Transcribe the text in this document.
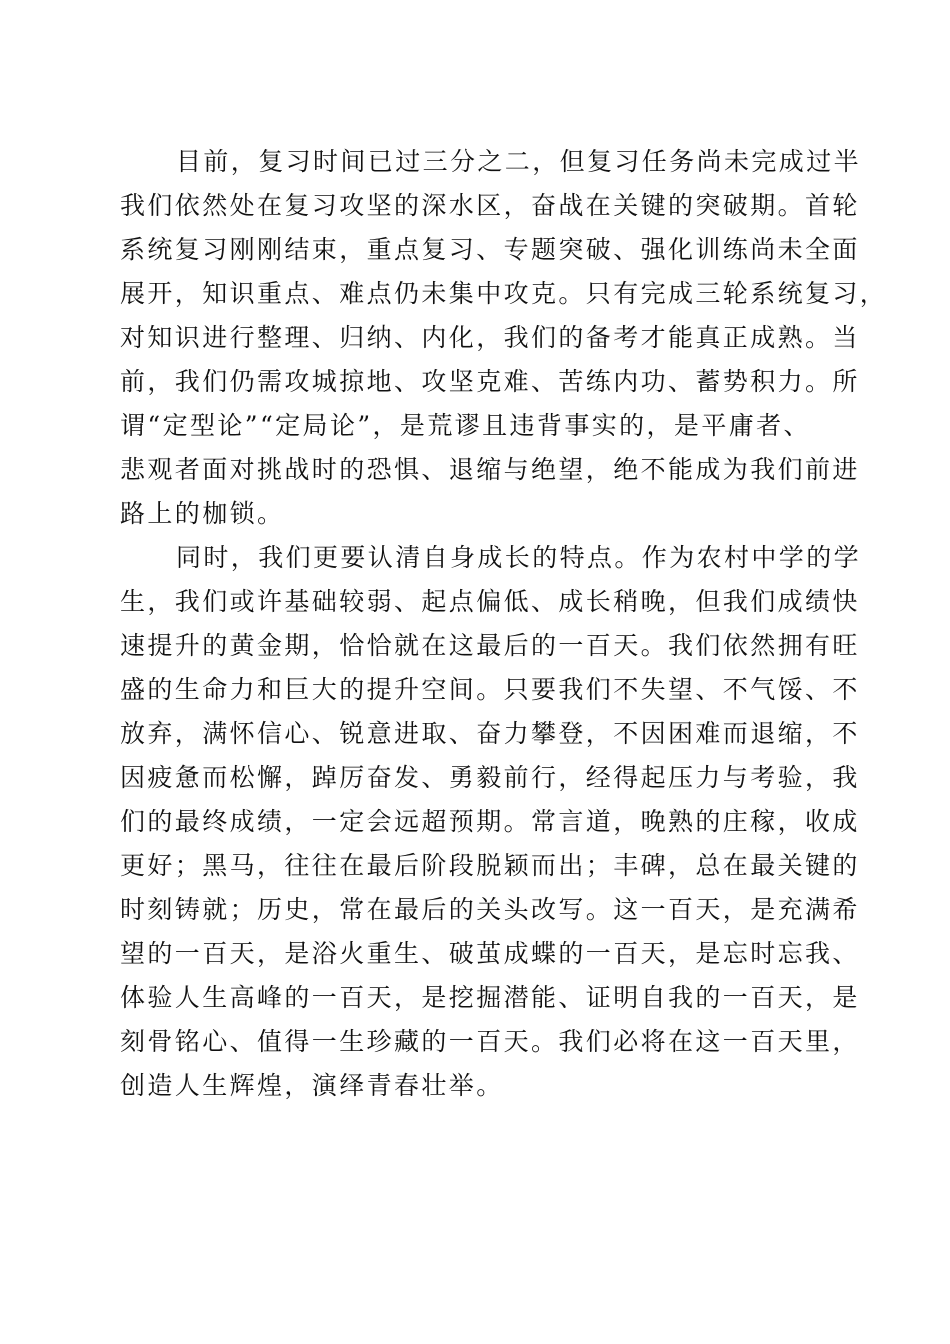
目前，复习时间已过三分之二，但复习任务尚未完成过半
我们依然处在复习攻坚的深水区，奋战在关键的突破期。首轮
系统复习刚刚结束，重点复习、专题突破、强化训练尚未全面
展开，知识重点、难点仍未集中攻克。只有完成三轮系统复习，
对知识进行整理、归纳、内化，我们的备考才能真正成熟。当
前，我们仍需攻城掠地、攻坚克难、苦练内功、蓄势积力。所
谓“定型论”“定局论”，是荒谬且违背事实的，是平庸者、
悲观者面对挑战时的恐惧、退缩与绝望，绝不能成为我们前进
路上的枷锁。
同时，我们更要认清自身成长的特点。作为农村中学的学
生，我们或许基础较弱、起点偏低、成长稍晚，但我们成绩快
速提升的黄金期，恰恰就在这最后的一百天。我们依然拥有旺
盛的生命力和巨大的提升空间。只要我们不失望、不气馁、不
放弃，满怀信心、锐意进取、奋力攀登，不因困难而退缩，不
因疲惫而松懈，踔厉奋发、勇毅前行，经得起压力与考验，我
们的最终成绩，一定会远超预期。常言道，晚熟的庄稼，收成
更好；黑马，往往在最后阶段脱颖而出；丰碑，总在最关键的
时刻铸就；历史，常在最后的关头改写。这一百天，是充满希
望的一百天，是浴火重生、破茧成蝶的一百天，是忘时忘我、
体验人生高峰的一百天，是挖掘潜能、证明自我的一百天，是
刻骨铭心、值得一生珍藏的一百天。我们必将在这一百天里，
创造人生辉煌，演绎青春壮举。
